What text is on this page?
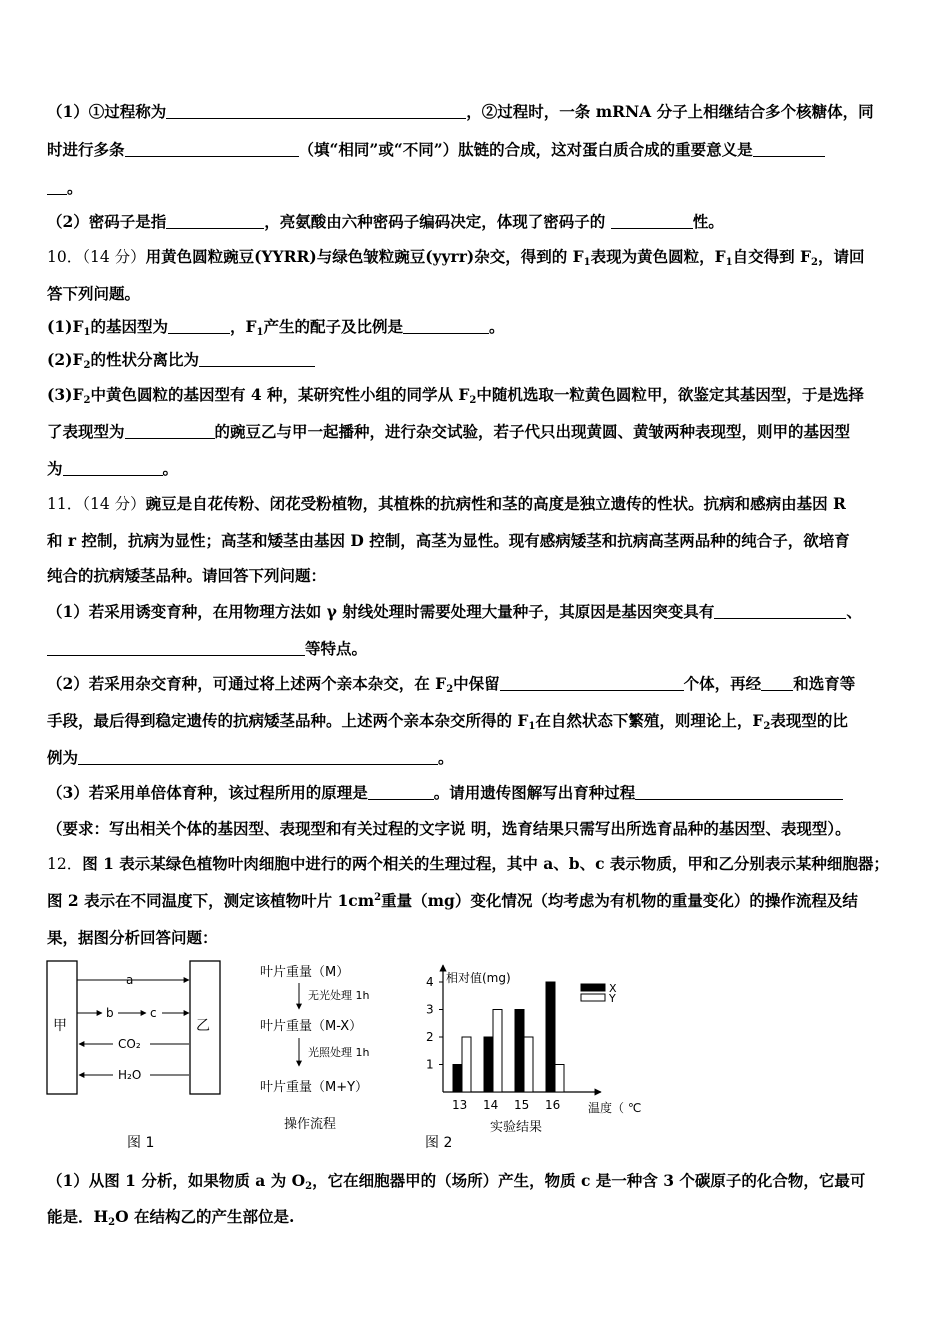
（1）①过程称为	，②过程时，一条 mRNA 分子上相继结合多个核糖体，同
时进行多条	（填“相同”或“不同”）肽链的合成，这对蛋白质合成的重要意义是
。
（2）密码子是指	，亮氨酸由六种密码子编码决定，体现了密码子的	性。
10．（14 分）用黄色圆粒豌豆(YYRR)与绿色皱粒豌豆(yyrr)杂交，得到的 $F_1$表现为黄色圆粒，$F_1$自交得到 $F_2$，请回
答下列问题。
$(1)F_1$的基因型为	，$F_1$产生的配子及比例是	。
$(2)F_2$的性状分离比为
$(3)F_2$中黄色圆粒的基因型有 4 种，某研究性小组的同学从 $F_2$中随机选取一粒黄色圆粒甲，欲鉴定其基因型，于是选择
了表现型为	的豌豆乙与甲一起播种，进行杂交试验，若子代只出现黄圆、黄皱两种表现型，则甲的基因型
为	。
11．（14 分）豌豆是自花传粉、闭花受粉植物，其植株的抗病性和茎的高度是独立遗传的性状。抗病和感病由基因 R
和 r 控制，抗病为显性；高茎和矮茎由基因 D 控制，高茎为显性。现有感病矮茎和抗病高茎两品种的纯合子，欲培育
纯合的抗病矮茎品种。请回答下列问题：
（1）若采用诱变育种，在用物理方法如 γ 射线处理时需要处理大量种子，其原因是基因突变具有	、
等特点。
（2）若采用杂交育种，可通过将上述两个亲本杂交，在 $F_2$中保留	个体，再经 和选育等
手段，最后得到稳定遗传的抗病矮茎品种。上述两个亲本杂交所得的 $F_1$在自然状态下繁殖，则理论上，$F_2$表现型的比
例为	。
（3）若采用单倍体育种，该过程所用的原理是	。请用遗传图解写出育种过程
（要求：写出相关个体的基因型、表现型和有关过程的文字说 明，选育结果只需写出所选育品种的基因型、表现型）。
12．图 1 表示某绿色植物叶肉细胞中进行的两个相关的生理过程，其中 a、b、c 表示物质，甲和乙分别表示某种细胞器；
图 2 表示在不同温度下，测定该植物叶片 $1cm^2$重量（mg）变化情况（均考虑为有机物的重量变化）的操作流程及结
果，据图分析回答问题：
（1）从图 1 分析，如果物质 a 为 $O_2$，它在细胞器甲的（场所）产生，物质 c 是一种含 3 个碳原子的化合物，它最可
能是．$H_2O$ 在结构乙的产生部位是.
甲	乙
a
b	c
CO₂
H₂O
图 1
叶片重量（M）
无光处理 1h
叶片重量（M-X）
光照处理 1h
叶片重量（M+Y）
操作流程
图 2
相对值(mg)
温度（ ℃
实验结果
1
2
3
4
13 14 15 16
X
Y
